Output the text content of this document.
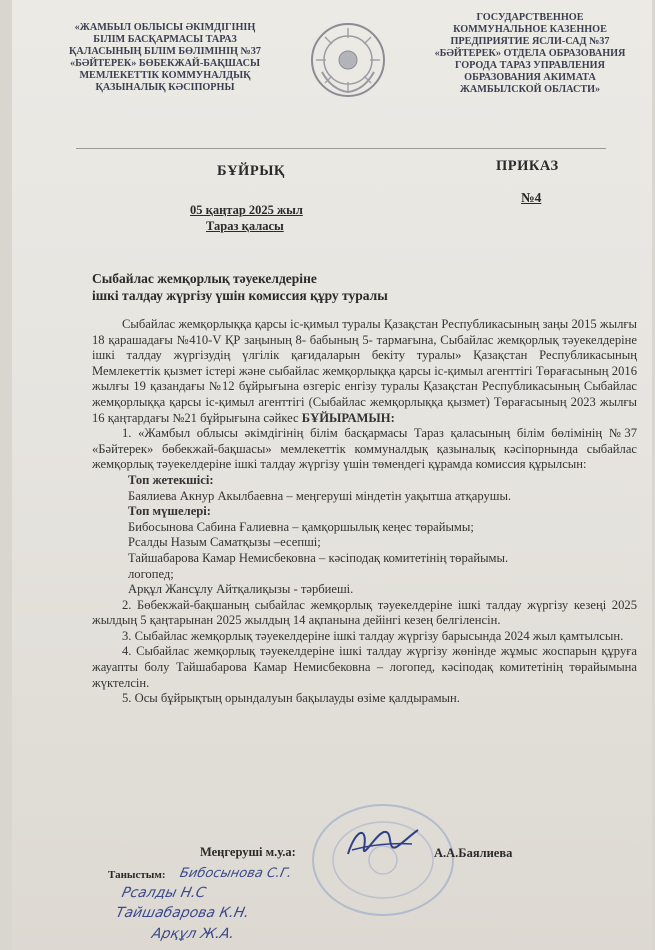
«ЖАМБЫЛ ОБЛЫСЫ ӘКІМДІГІНІҢ
БІЛІМ БАСҚАРМАСЫ ТАРАЗ
ҚАЛАСЫНЫҢ БІЛІМ БӨЛІМІНІҢ №37
«БӘЙТЕРЕК» БӨБЕКЖАЙ-БАҚШАСЫ
МЕМЛЕКЕТТІК КОММУНАЛДЫҚ
ҚАЗЫНАЛЫҚ КӘСІПОРНЫ
ГОСУДАРСТВЕННОЕ
КОММУНАЛЬНОЕ КАЗЕННОЕ
ПРЕДПРИЯТИЕ ЯСЛИ-САД №37
«БӘЙТЕРЕК» ОТДЕЛА ОБРАЗОВАНИЯ
ГОРОДА ТАРАЗ УПРАВЛЕНИЯ
ОБРАЗОВАНИЯ АКИМАТА
ЖАМБЫЛСКОЙ ОБЛАСТИ»
БҰЙРЫҚ	ПРИКАЗ
05 қаңтар 2025 жыл
Тараз қаласы
№4
Сыбайлас жемқорлық тәуекелдеріне
ішкі талдау жүргізу үшін комиссия құру туралы

Сыбайлас жемқорлыққа қарсы іс-қимыл туралы Қазақстан Республикасының заңы 2015 жылғы 18 қарашадағы №410-V ҚР заңының 8- бабының 5- тармағына, Сыбайлас жемқорлық тәуекелдеріне ішкі талдау жүргізудің үлгілік қағидаларын бекіту туралы» Қазақстан Республикасының Мемлекеттік қызмет істері және сыбайлас жемқорлыққа қарсы іс-қимыл агенттігі Төрағасының 2016 жылғы 19 қазандағы №12 бұйрығына өзгеріс енгізу туралы Қазақстан Республикасының Сыбайлас жемқорлыққа қарсы іс-қимыл агенттігі (Сыбайлас жемқорлыққа қызмет) Төрағасының 2023 жылғы 16 қаңтардағы №21 бұйрығына сәйкес БҰЙЫРАМЫН:

1. «Жамбыл облысы әкімдігінің білім басқармасы Тараз қаласының білім бөлімінің №37 «Бәйтерек» бөбекжай-бақшасы» мемлекеттік коммуналдық қазыналық кәсіпорнында сыбайлас жемқорлық тәуекелдеріне ішкі талдау жүргізу үшін төмендегі құрамда комиссия құрылсын:

Топ жетекшісі:

Баялиева Акнур Акылбаевна – меңгеруші міндетін уақытша атқарушы.

Топ мүшелері:

Бибосынова Сабина Ғалиевна – қамқоршылық кеңес төрайымы;

Рсалды Назым Саматқызы –есепші;

Тайшабарова Камар Немисбековна – кәсіподақ комитетінің төрайымы.

логопед;

Арқұл Жансұлу Айтқалиқызы - тәрбиеші.

2. Бөбекжай-бақшаның сыбайлас жемқорлық тәуекелдеріне ішкі талдау жүргізу кезеңі 2025 жылдың 5 қаңтарынан 2025 жылдың 14 ақпанына дейінгі кезең белгіленсін.

3. Сыбайлас жемқорлық тәуекелдеріне ішкі талдау жүргізу барысында 2024 жыл қамтылсын.

4. Сыбайлас жемқорлық тәуекелдеріне ішкі талдау жүргізу жөнінде жұмыс жоспарын құруға жауапты болу Тайшабарова Камар Немисбековна – логопед, кәсіподақ комитетінің төрайымына жүктелсін.

5. Осы бұйрықтың орындалуын бақылауды өзіме қалдырамын.

Меңгеруші м.у.а:	А.А.Баялиева
Таныстым: Бибосынова С.Г.
Рсалды Н.С
Тайшабарова К.Н.
Арқұл Ж.А.
